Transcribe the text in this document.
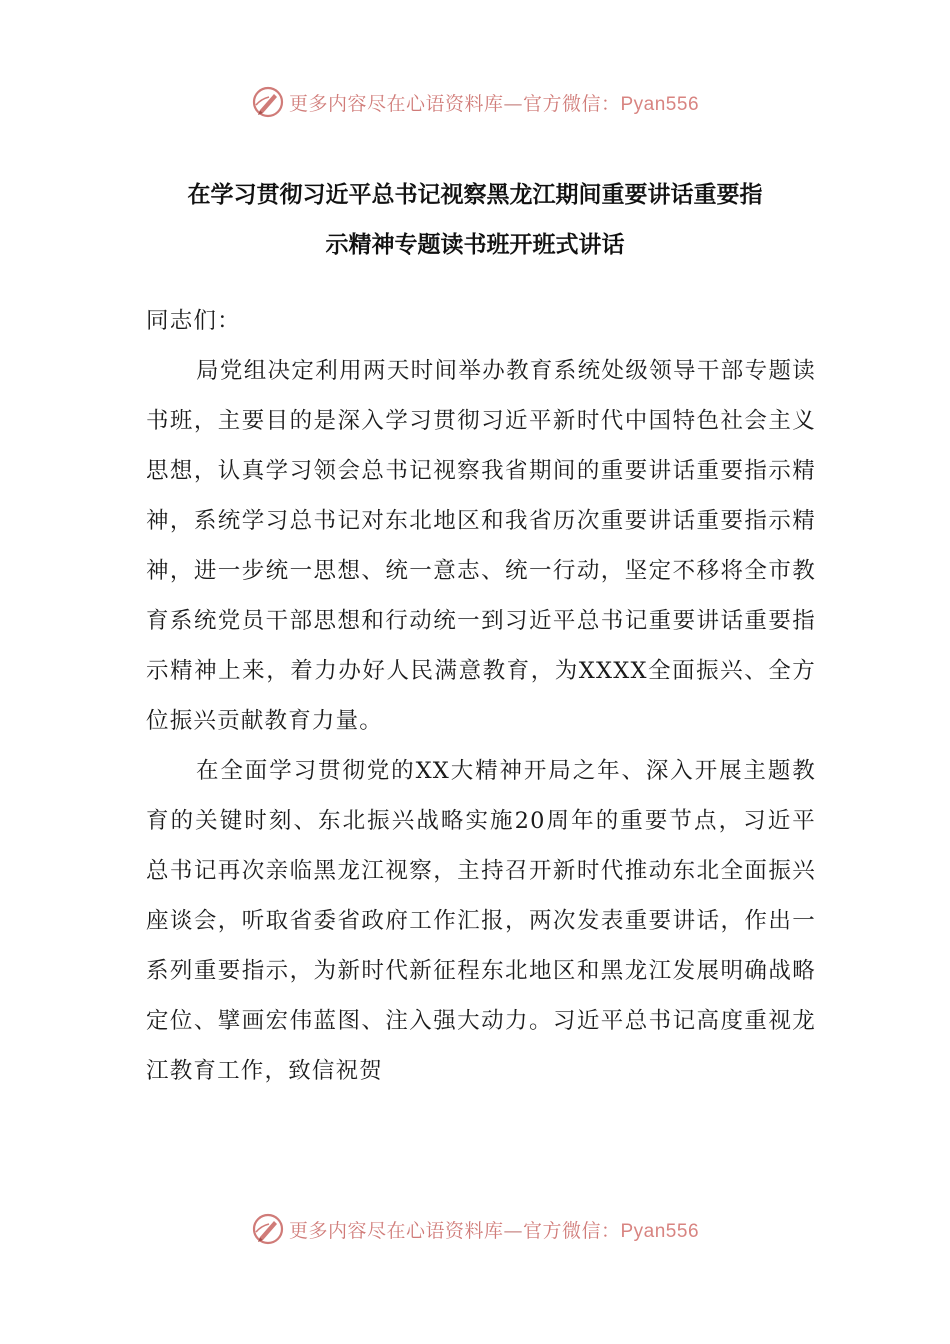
更多内容尽在心语资料库—官方微信：Pyan556
在学习贯彻习近平总书记视察黑龙江期间重要讲话重要指
示精神专题读书班开班式讲话

同志们：

局党组决定利用两天时间举办教育系统处级领导干部专题读书班，主要目的是深入学习贯彻习近平新时代中国特色社会主义思想，认真学习领会总书记视察我省期间的重要讲话重要指示精神，系统学习总书记对东北地区和我省历次重要讲话重要指示精神，进一步统一思想、统一意志、统一行动，坚定不移将全市教育系统党员干部思想和行动统一到习近平总书记重要讲话重要指示精神上来，着力办好人民满意教育，为XXXX全面振兴、全方位振兴贡献教育力量。

在全面学习贯彻党的XX大精神开局之年、深入开展主题教育的关键时刻、东北振兴战略实施20周年的重要节点，习近平总书记再次亲临黑龙江视察，主持召开新时代推动东北全面振兴座谈会，听取省委省政府工作汇报，两次发表重要讲话，作出一系列重要指示，为新时代新征程东北地区和黑龙江发展明确战略定位、擘画宏伟蓝图、注入强大动力。习近平总书记高度重视龙江教育工作，致信祝贺

更多内容尽在心语资料库—官方微信：Pyan556
